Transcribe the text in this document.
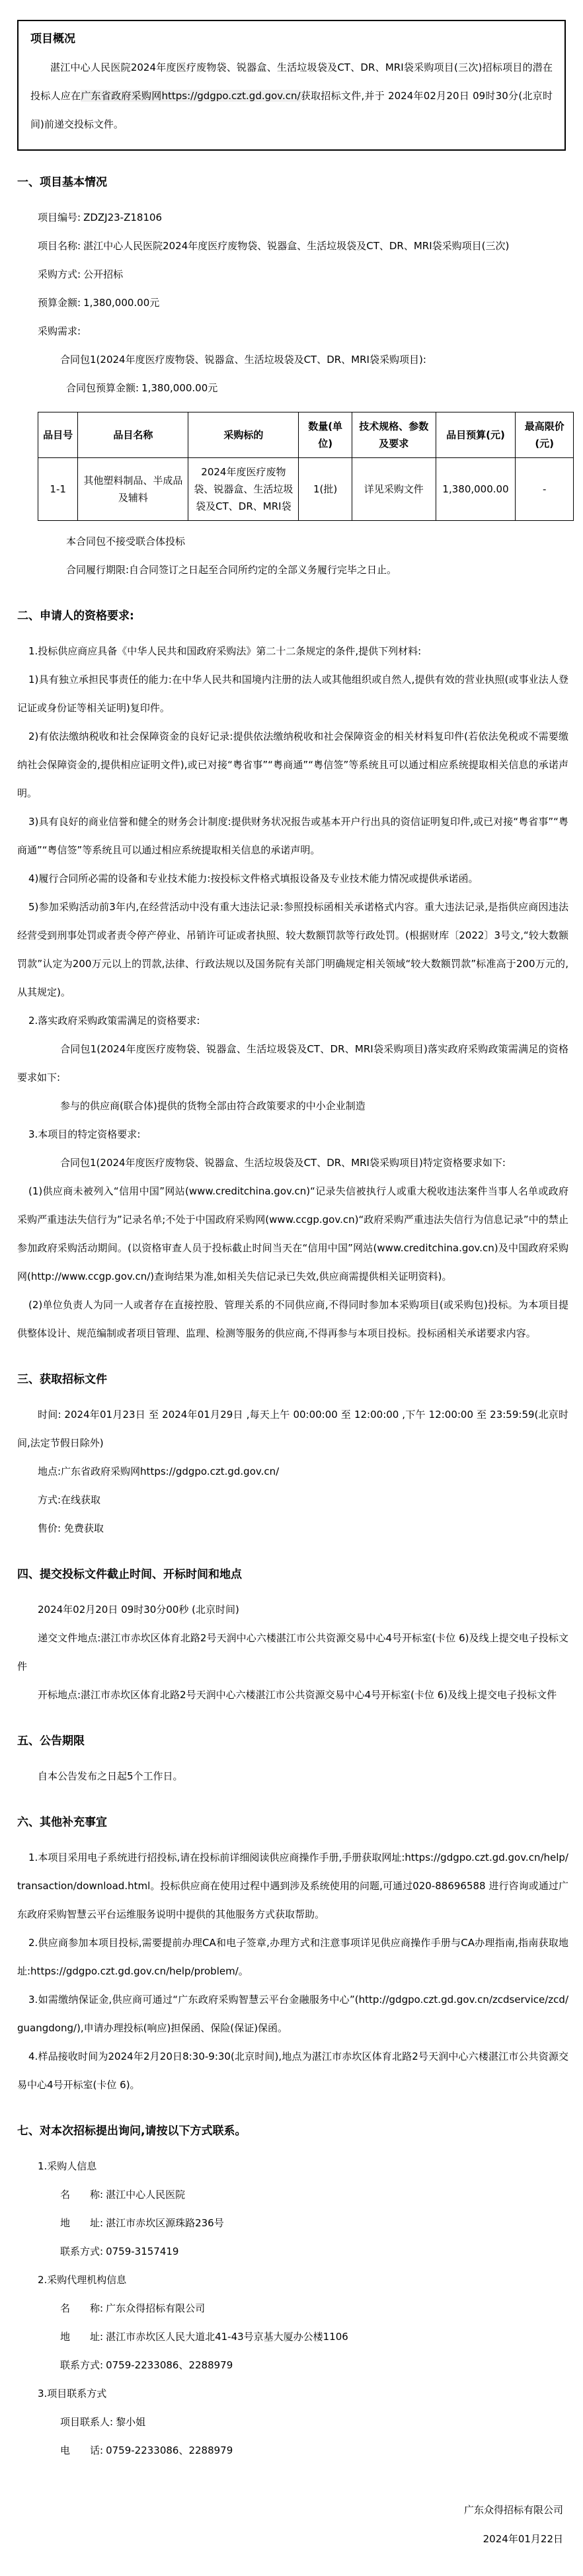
项目概况

湛江中心人民医院2024年度医疗废物袋、锐器盒、生活垃圾袋及CT、DR、MRI袋采购项目(三次)招标项目的潜在投标人应在广东省政府采购网https://gdgpo.czt.gd.gov.cn/获取招标文件,并于 2024年02月20日 09时30分(北京时间)前递交投标文件。

一、项目基本情况

项目编号: ZDZJ23-Z18106

项目名称: 湛江中心人民医院2024年度医疗废物袋、锐器盒、生活垃圾袋及CT、DR、MRI袋采购项目(三次)

采购方式: 公开招标

预算金额: 1,380,000.00元

采购需求:

合同包1(2024年度医疗废物袋、锐器盒、生活垃圾袋及CT、DR、MRI袋采购项目):

合同包预算金额: 1,380,000.00元

品目号	品目名称	采购标的	数量(单位)	技术规格、参数及要求	品目预算(元)	最高限价(元)
1-1	其他塑料制品、半成品及辅料	2024年度医疗废物袋、锐器盒、生活垃圾袋及CT、DR、MRI袋	1(批)	详见采购文件	1,380,000.00	-

本合同包不接受联合体投标

合同履行期限:自合同签订之日起至合同所约定的全部义务履行完毕之日止。

二、申请人的资格要求:

1.投标供应商应具备《中华人民共和国政府采购法》第二十二条规定的条件,提供下列材料:

1)具有独立承担民事责任的能力:在中华人民共和国境内注册的法人或其他组织或自然人,提供有效的营业执照(或事业法人登记证或身份证等相关证明)复印件。

2)有依法缴纳税收和社会保障资金的良好记录:提供依法缴纳税收和社会保障资金的相关材料复印件(若依法免税或不需要缴纳社会保障资金的,提供相应证明文件),或已对接“粤省事”“粤商通”“粤信签”等系统且可以通过相应系统提取相关信息的承诺声明。

3)具有良好的商业信誉和健全的财务会计制度:提供财务状况报告或基本开户行出具的资信证明复印件,或已对接“粤省事”“粤商通”“粤信签”等系统且可以通过相应系统提取相关信息的承诺声明。

4)履行合同所必需的设备和专业技术能力:按投标文件格式填报设备及专业技术能力情况或提供承诺函。

5)参加采购活动前3年内,在经营活动中没有重大违法记录:参照投标函相关承诺格式内容。重大违法记录,是指供应商因违法经营受到刑事处罚或者责令停产停业、吊销许可证或者执照、较大数额罚款等行政处罚。(根据财库〔2022〕3号文,“较大数额罚款”认定为200万元以上的罚款,法律、行政法规以及国务院有关部门明确规定相关领域“较大数额罚款”标准高于200万元的,从其规定)。

2.落实政府采购政策需满足的资格要求:

合同包1(2024年度医疗废物袋、锐器盒、生活垃圾袋及CT、DR、MRI袋采购项目)落实政府采购政策需满足的资格要求如下:

参与的供应商(联合体)提供的货物全部由符合政策要求的中小企业制造

3.本项目的特定资格要求:

合同包1(2024年度医疗废物袋、锐器盒、生活垃圾袋及CT、DR、MRI袋采购项目)特定资格要求如下:

(1)供应商未被列入“信用中国”网站(www.creditchina.gov.cn)“记录失信被执行人或重大税收违法案件当事人名单或政府采购严重违法失信行为”记录名单;不处于中国政府采购网(www.ccgp.gov.cn)“政府采购严重违法失信行为信息记录”中的禁止参加政府采购活动期间。(以资格审查人员于投标截止时间当天在“信用中国”网站(www.creditchina.gov.cn)及中国政府采购网(http://www.ccgp.gov.cn/)查询结果为准,如相关失信记录已失效,供应商需提供相关证明资料)。

(2)单位负责人为同一人或者存在直接控股、管理关系的不同供应商,不得同时参加本采购项目(或采购包)投标。为本项目提供整体设计、规范编制或者项目管理、监理、检测等服务的供应商,不得再参与本项目投标。投标函相关承诺要求内容。

三、获取招标文件

时间: 2024年01月23日 至 2024年01月29日 ,每天上午 00:00:00 至 12:00:00 ,下午 12:00:00 至 23:59:59(北京时间,法定节假日除外)

地点:广东省政府采购网https://gdgpo.czt.gd.gov.cn/

方式:在线获取

售价: 免费获取

四、提交投标文件截止时间、开标时间和地点

2024年02月20日 09时30分00秒 (北京时间)

递交文件地点:湛江市赤坎区体育北路2号天润中心六楼湛江市公共资源交易中心4号开标室(卡位 6)及线上提交电子投标文件

开标地点:湛江市赤坎区体育北路2号天润中心六楼湛江市公共资源交易中心4号开标室(卡位 6)及线上提交电子投标文件

五、公告期限

自本公告发布之日起5个工作日。

六、其他补充事宜

1.本项目采用电子系统进行招投标,请在投标前详细阅读供应商操作手册,手册获取网址:https://gdgpo.czt.gd.gov.cn/help/transaction/download.html。投标供应商在使用过程中遇到涉及系统使用的问题,可通过020-88696588 进行咨询或通过广东政府采购智慧云平台运维服务说明中提供的其他服务方式获取帮助。

2.供应商参加本项目投标,需要提前办理CA和电子签章,办理方式和注意事项详见供应商操作手册与CA办理指南,指南获取地址:https://gdgpo.czt.gd.gov.cn/help/problem/。

3.如需缴纳保证金,供应商可通过“广东政府采购智慧云平台金融服务中心”(http://gdgpo.czt.gd.gov.cn/zcdservice/zcd/guangdong/),申请办理投标(响应)担保函、保险(保证)保函。

4.样品接收时间为2024年2月20日8:30-9:30(北京时间),地点为湛江市赤坎区体育北路2号天润中心六楼湛江市公共资源交易中心4号开标室(卡位 6)。

七、对本次招标提出询问,请按以下方式联系。

1.采购人信息

名　　称: 湛江中心人民医院

地　　址: 湛江市赤坎区源珠路236号

联系方式: 0759-3157419

2.采购代理机构信息

名　　称: 广东众得招标有限公司

地　　址: 湛江市赤坎区人民大道北41-43号京基大厦办公楼1106

联系方式: 0759-2233086、2288979

3.项目联系方式

项目联系人: 黎小姐

电　　话: 0759-2233086、2288979

广东众得招标有限公司

2024年01月22日
